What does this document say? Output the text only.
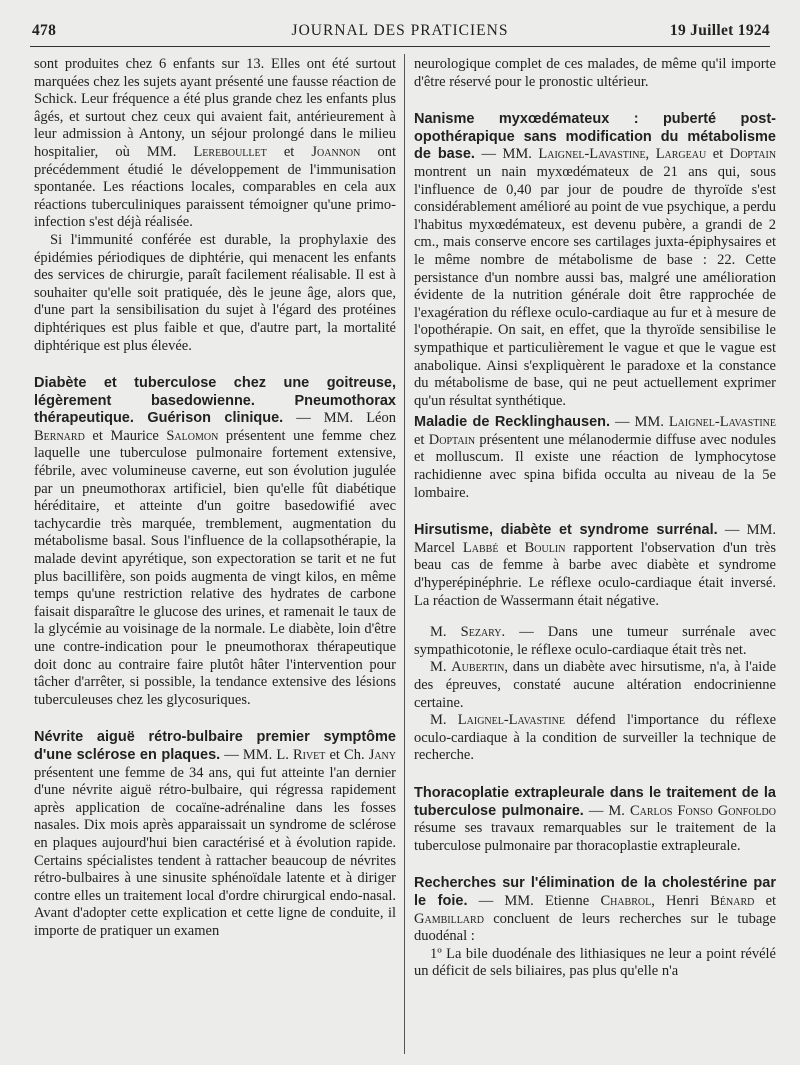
478	JOURNAL DES PRATICIENS	19 Juillet 1924

sont produites chez 6 enfants sur 13. Elles ont été surtout marquées chez les sujets ayant présenté une fausse réaction de Schick. Leur fréquence a été plus grande chez les enfants plus âgés, et surtout chez ceux qui avaient fait, antérieurement à leur admission à Antony, un séjour prolongé dans le milieu hospitalier, où MM. Lereboullet et Joannon ont précédemment étudié le développement de l'immunisation spontanée. Les réactions locales, comparables en cela aux réactions tuberculiniques paraissent témoigner qu'une primo-infection s'est déjà réalisée.

Si l'immunité conférée est durable, la prophylaxie des épidémies périodiques de diphtérie, qui menacent les enfants des services de chirurgie, paraît facilement réalisable. Il est à souhaiter qu'elle soit pratiquée, dès le jeune âge, alors que, d'une part la sensibilisation du sujet à l'égard des protéines diphtériques est plus faible et que, d'autre part, la mortalité diphtérique est plus élevée.

Diabète et tuberculose chez une goitreuse, légèrement basedowienne. Pneumothorax thérapeutique. Guérison clinique. — MM. Léon Bernard et Maurice Salomon présentent une femme chez laquelle une tuberculose pulmonaire fortement extensive, fébrile, avec volumineuse caverne, eut son évolution jugulée par un pneumothorax artificiel, bien qu'elle fût diabétique héréditaire, et atteinte d'un goitre basedowifié avec tachycardie très marquée, tremblement, augmentation du métabolisme basal. Sous l'influence de la collapsothérapie, la malade devint apyrétique, son expectoration se tarit et ne fut plus bacillifère, son poids augmenta de vingt kilos, en même temps qu'une restriction relative des hydrates de carbone faisait disparaître le glucose des urines, et ramenait le taux de la glycémie au voisinage de la normale. Le diabète, loin d'être une contre-indication pour le pneumothorax thérapeutique doit donc au contraire faire plutôt hâter l'intervention pour tâcher d'arrêter, si possible, la tendance extensive des lésions tuberculeuses chez les glycosuriques.

Névrite aiguë rétro-bulbaire premier symptôme d'une sclérose en plaques. — MM. L. Rivet et Ch. Jany présentent une femme de 34 ans, qui fut atteinte l'an dernier d'une névrite aiguë rétro-bulbaire, qui régressa rapidement après application de cocaïne-adrénaline dans les fosses nasales. Dix mois après apparaissait un syndrome de sclérose en plaques aujourd'hui bien caractérisé et à évolution rapide. Certains spécialistes tendent à rattacher beaucoup de névrites rétro-bulbaires à une sinusite sphénoïdale latente et à diriger contre elles un traitement local d'ordre chirurgical endo-nasal. Avant d'adopter cette explication et cette ligne de conduite, il importe de pratiquer un examen

neurologique complet de ces malades, de même qu'il importe d'être réservé pour le pronostic ultérieur.

Nanisme myxœdémateux : puberté post-opothérapique sans modification du métabolisme de base. — MM. Laignel-Lavastine, Largeau et Doptain montrent un nain myxœdémateux de 21 ans qui, sous l'influence de 0,40 par jour de poudre de thyroïde s'est considérablement amélioré au point de vue psychique, a perdu l'habitus myxœdémateux, est devenu pubère, a grandi de 2 cm., mais conserve encore ses cartilages juxta-épiphysaires et le même nombre de métabolisme de base : 22. Cette persistance d'un nombre aussi bas, malgré une amélioration évidente de la nutrition générale doit être rapprochée de l'exagération du réflexe oculo-cardiaque au fur et à mesure de l'opothérapie. On sait, en effet, que la thyroïde sensibilise le sympathique et particulièrement le vague et que le vague est anabolique. Ainsi s'expliquèrent le paradoxe et la constance du métabolisme de base, qui ne peut actuellement exprimer qu'un résultat synthétique.

Maladie de Recklinghausen. — MM. Laignel-Lavastine et Doptain présentent une mélanodermie diffuse avec nodules et molluscum. Il existe une réaction de lymphocytose rachidienne avec spina bifida occulta au niveau de la 5e lombaire.

Hirsutisme, diabète et syndrome surrénal. — MM. Marcel Labbé et Boulin rapportent l'observation d'un très beau cas de femme à barbe avec diabète et syndrome d'hyperépinéphrie. Le réflexe oculo-cardiaque était inversé. La réaction de Wassermann était négative.

M. Sezary. — Dans une tumeur surrénale avec sympathicotonie, le réflexe oculo-cardiaque était très net.

M. Aubertin, dans un diabète avec hirsutisme, n'a, à l'aide des épreuves, constaté aucune altération endocrinienne certaine.

M. Laignel-Lavastine défend l'importance du réflexe oculo-cardiaque à la condition de surveiller la technique de recherche.

Thoracoplatie extrapleurale dans le traitement de la tuberculose pulmonaire. — M. Carlos Fonso Gonfoldo résume ses travaux remarquables sur le traitement de la tuberculose pulmonaire par thoracoplastie extrapleurale.

Recherches sur l'élimination de la cholestérine par le foie. — MM. Etienne Chabrol, Henri Bénard et Gambillard concluent de leurs recherches sur le tubage duodénal :

1º La bile duodénale des lithiasiques ne leur a point révélé un déficit de sels biliaires, pas plus qu'elle n'a
